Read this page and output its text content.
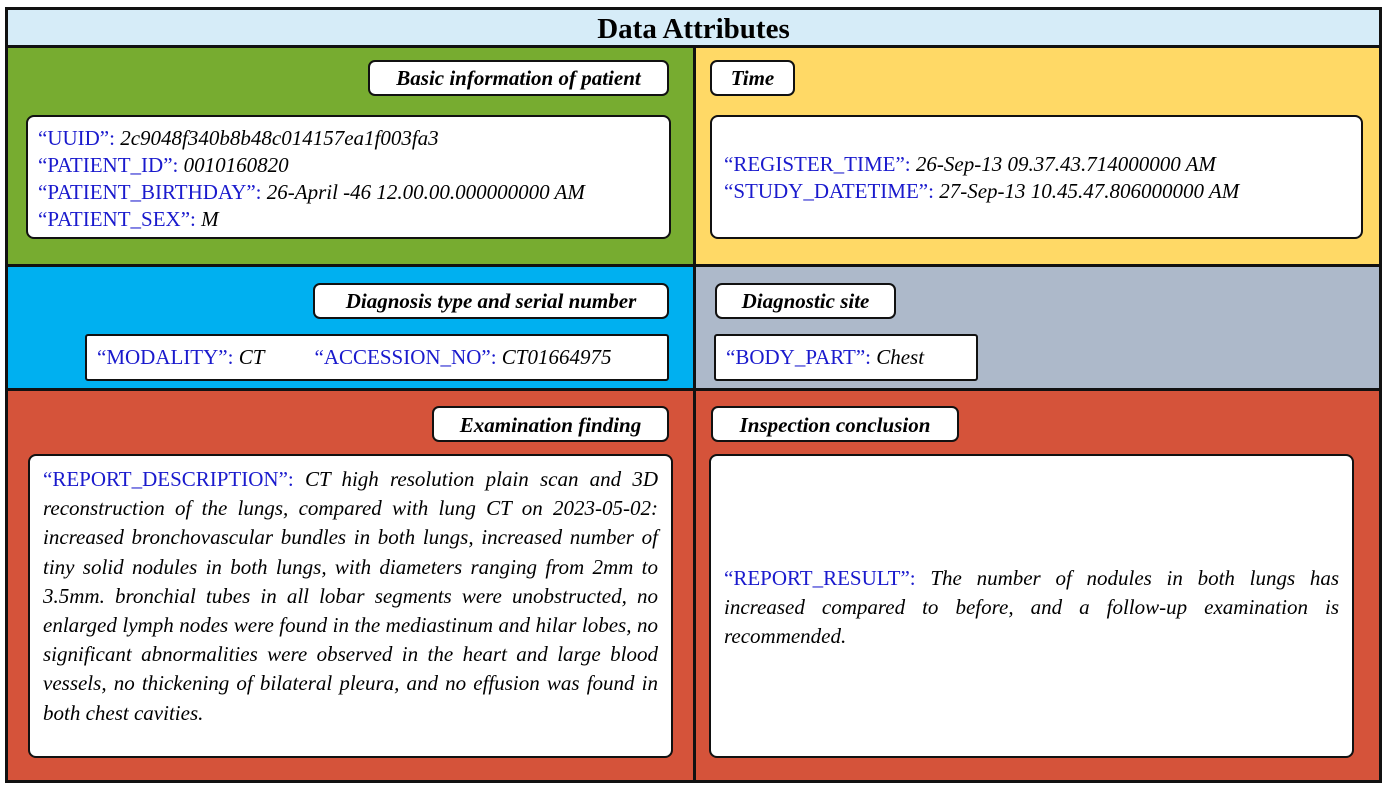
Data Attributes
Basic information of patient
“UUID”: 2c9048f340b8b48c014157ea1f003fa3
“PATIENT_ID”: 0010160820
“PATIENT_BIRTHDAY”: 26-April -46 12.00.00.000000000 AM
“PATIENT_SEX”: M
Time
“REGISTER_TIME”: 26-Sep-13 09.37.43.714000000 AM
“STUDY_DATETIME”: 27-Sep-13 10.45.47.806000000 AM
Diagnosis type and serial number
“MODALITY”: CT “ACCESSION_NO”: CT01664975
Diagnostic site
“BODY_PART”: Chest
Examination finding
“REPORT_DESCRIPTION”: CT high resolution plain scan and 3D reconstruction of the lungs, compared with lung CT on 2023-05-02: increased bronchovascular bundles in both lungs, increased number of tiny solid nodules in both lungs, with diameters ranging from 2mm to 3.5mm. bronchial tubes in all lobar segments were unobstructed, no enlarged lymph nodes were found in the mediastinum and hilar lobes, no significant abnormalities were observed in the heart and large blood vessels, no thickening of bilateral pleura, and no effusion was found in both chest cavities.
Inspection conclusion
“REPORT_RESULT”: The number of nodules in both lungs has increased compared to before, and a follow-up examination is recommended.
